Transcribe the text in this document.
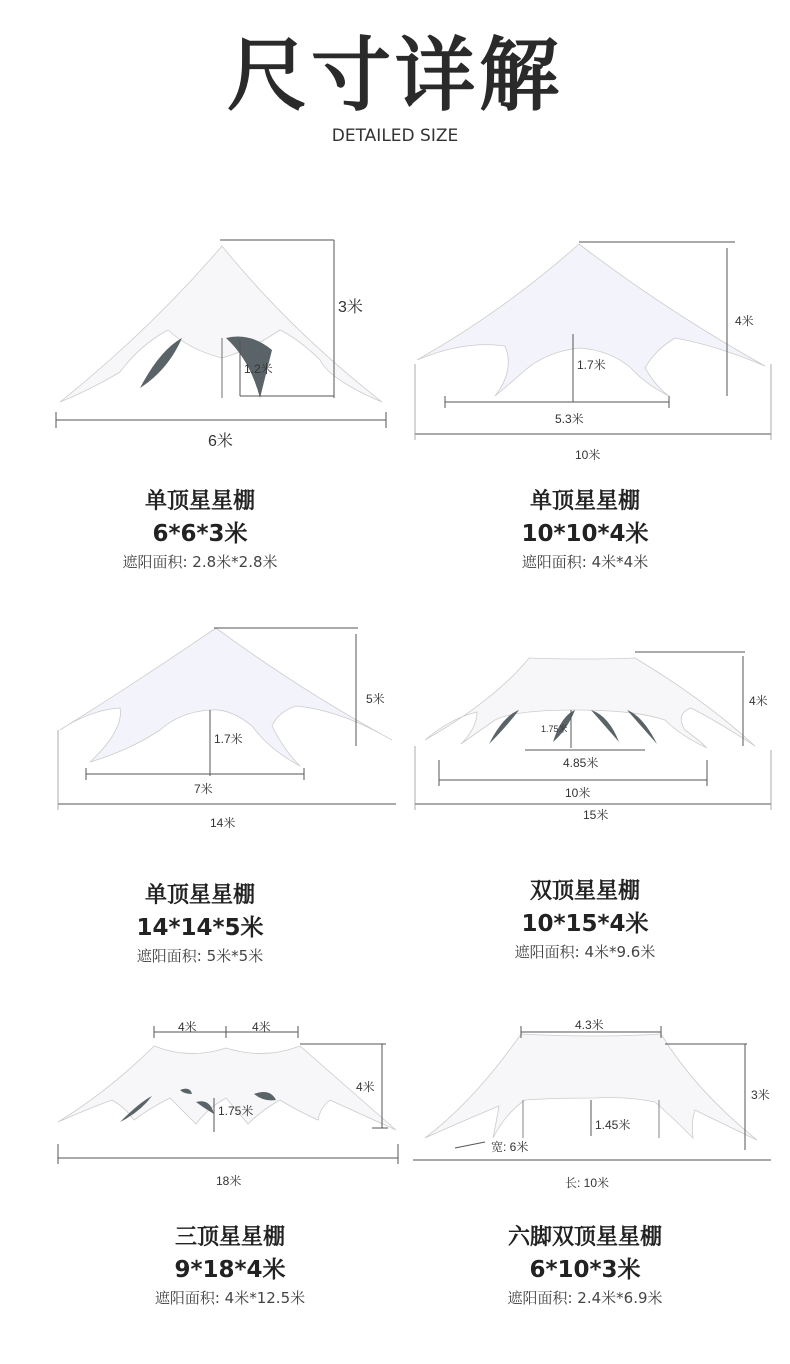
尺寸详解
DETAILED SIZE
3米
1.2米
6米
单顶星星棚
6*6*3米
遮阳面积: 2.8米*2.8米
4米
1.7米
5.3米
10米
单顶星星棚
10*10*4米
遮阳面积: 4米*4米
5米
1.7米
7米
14米
单顶星星棚
14*14*5米
遮阳面积: 5米*5米
4米
1.75米
4.85米
10米
15米
双顶星星棚
10*15*4米
遮阳面积: 4米*9.6米
4米	4米
4米
1.75米
18米
三顶星星棚
9*18*4米
遮阳面积: 4米*12.5米
4.3米
3米
1.45米
宽: 6米
长: 10米
六脚双顶星星棚
6*10*3米
遮阳面积: 2.4米*6.9米
